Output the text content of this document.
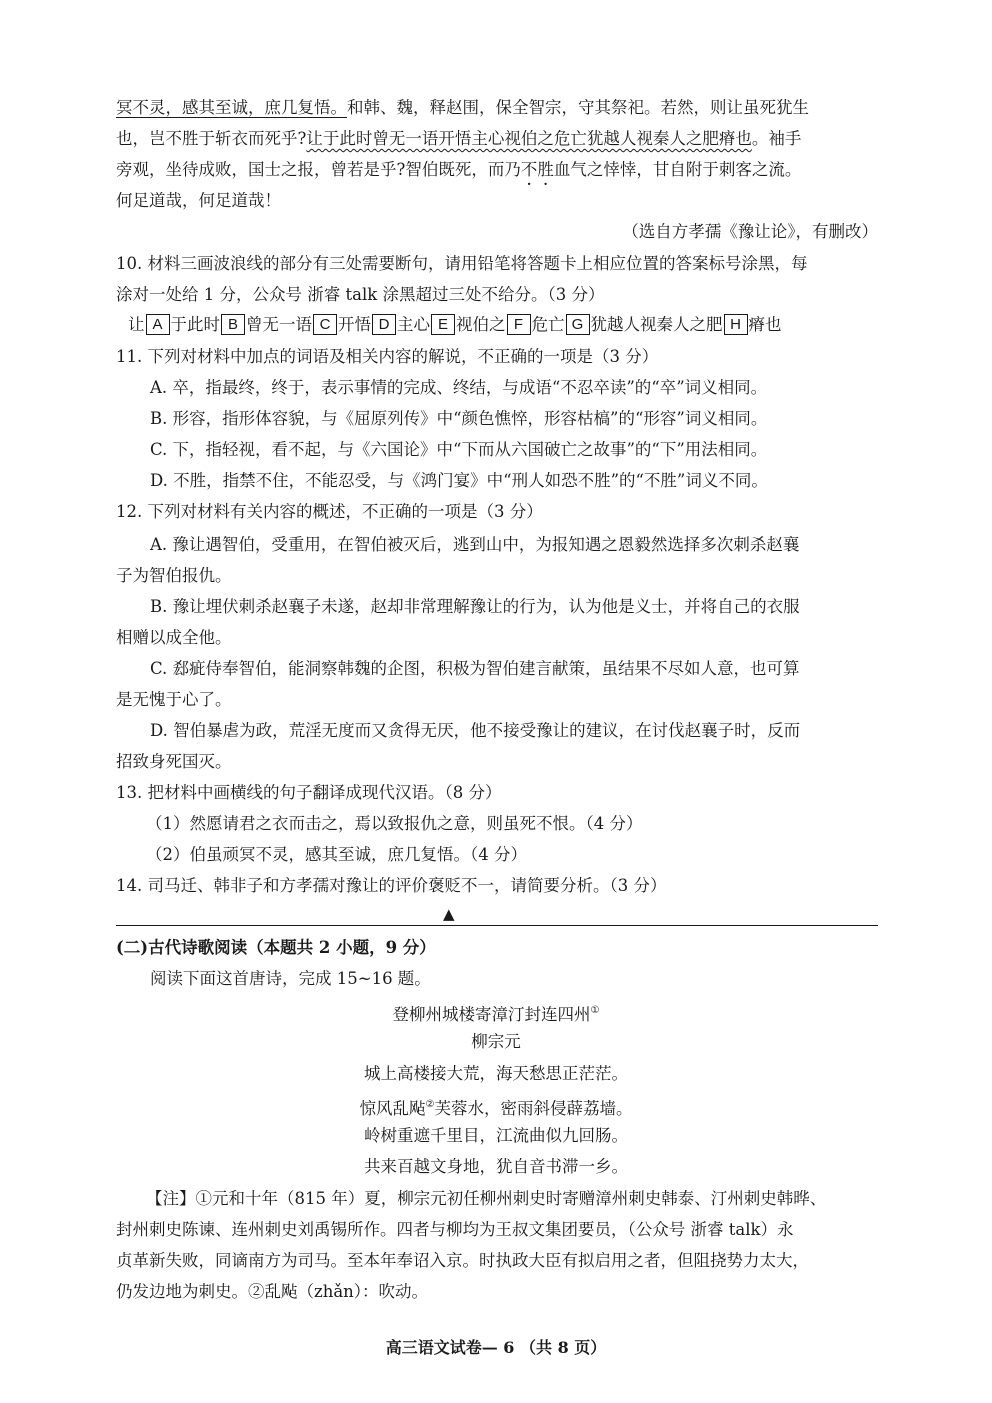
冥不灵，感其至诚，庶几复悟。和韩、魏，释赵围，保全智宗，守其祭祀。若然，则让虽死犹生
也，岂不胜于斩衣而死乎?让于此时曾无一语开悟主心视伯之危亡犹越人视秦人之肥瘠也。袖手
旁观，坐待成败，国士之报，曾若是乎?智伯既死，而乃不胜血气之悻悻，甘自附于刺客之流。
何足道哉，何足道哉！
（选自方孝孺《豫让论》，有删改）
10. 材料三画波浪线的部分有三处需要断句，请用铅笔将答题卡上相应位置的答案标号涂黑，每
涂对一处给 1 分，公众号 浙睿 talk 涂黑超过三处不给分。（3 分）
让 A 于此时 B 曾无一语 C 开悟 D 主心 E 视伯之 F 危亡 G 犹越人视秦人之肥 H 瘠也
11. 下列对材料中加点的词语及相关内容的解说，不正确的一项是（3 分）
A. 卒，指最终，终于，表示事情的完成、终结，与成语“不忍卒读”的“卒”词义相同。
B. 形容，指形体容貌，与《屈原列传》中“颜色憔悴，形容枯槁”的“形容”词义相同。
C. 下，指轻视，看不起，与《六国论》中“下而从六国破亡之故事”的“下”用法相同。
D. 不胜，指禁不住，不能忍受，与《鸿门宴》中“刑人如恐不胜”的“不胜”词义不同。
12. 下列对材料有关内容的概述，不正确的一项是（3 分）
A. 豫让遇智伯，受重用，在智伯被灭后，逃到山中，为报知遇之恩毅然选择多次刺杀赵襄
子为智伯报仇。
B. 豫让埋伏刺杀赵襄子未遂，赵却非常理解豫让的行为，认为他是义士，并将自己的衣服
相赠以成全他。
C. 郄疵侍奉智伯，能洞察韩魏的企图，积极为智伯建言献策，虽结果不尽如人意，也可算
是无愧于心了。
D. 智伯暴虐为政，荒淫无度而又贪得无厌，他不接受豫让的建议，在讨伐赵襄子时，反而
招致身死国灭。
13. 把材料中画横线的句子翻译成现代汉语。（8 分）
（1）然愿请君之衣而击之，焉以致报仇之意，则虽死不恨。（4 分）
（2）伯虽顽冥不灵，感其至诚，庶几复悟。（4 分）
14. 司马迁、韩非子和方孝孺对豫让的评价褒贬不一，请简要分析。（3 分）
▲
(二)古代诗歌阅读（本题共 2 小题，9 分）
阅读下面这首唐诗，完成 15~16 题。
登柳州城楼寄漳汀封连四州①
柳宗元
城上高楼接大荒，海天愁思正茫茫。
惊风乱飐②芙蓉水，密雨斜侵薜荔墙。
岭树重遮千里目，江流曲似九回肠。
共来百越文身地，犹自音书滞一乡。
【注】①元和十年（815 年）夏，柳宗元初任柳州刺史时寄赠漳州刺史韩泰、汀州刺史韩晔、
封州刺史陈谏、连州刺史刘禹锡所作。四者与柳均为王叔文集团要员，（公众号 浙睿 talk）永
贞革新失败，同谪南方为司马。至本年奉诏入京。时执政大臣有拟启用之者，但阻挠势力太大，
仍发边地为刺史。②乱飐（zhǎn）：吹动。
高三语文试卷— 6 （共 8 页）
